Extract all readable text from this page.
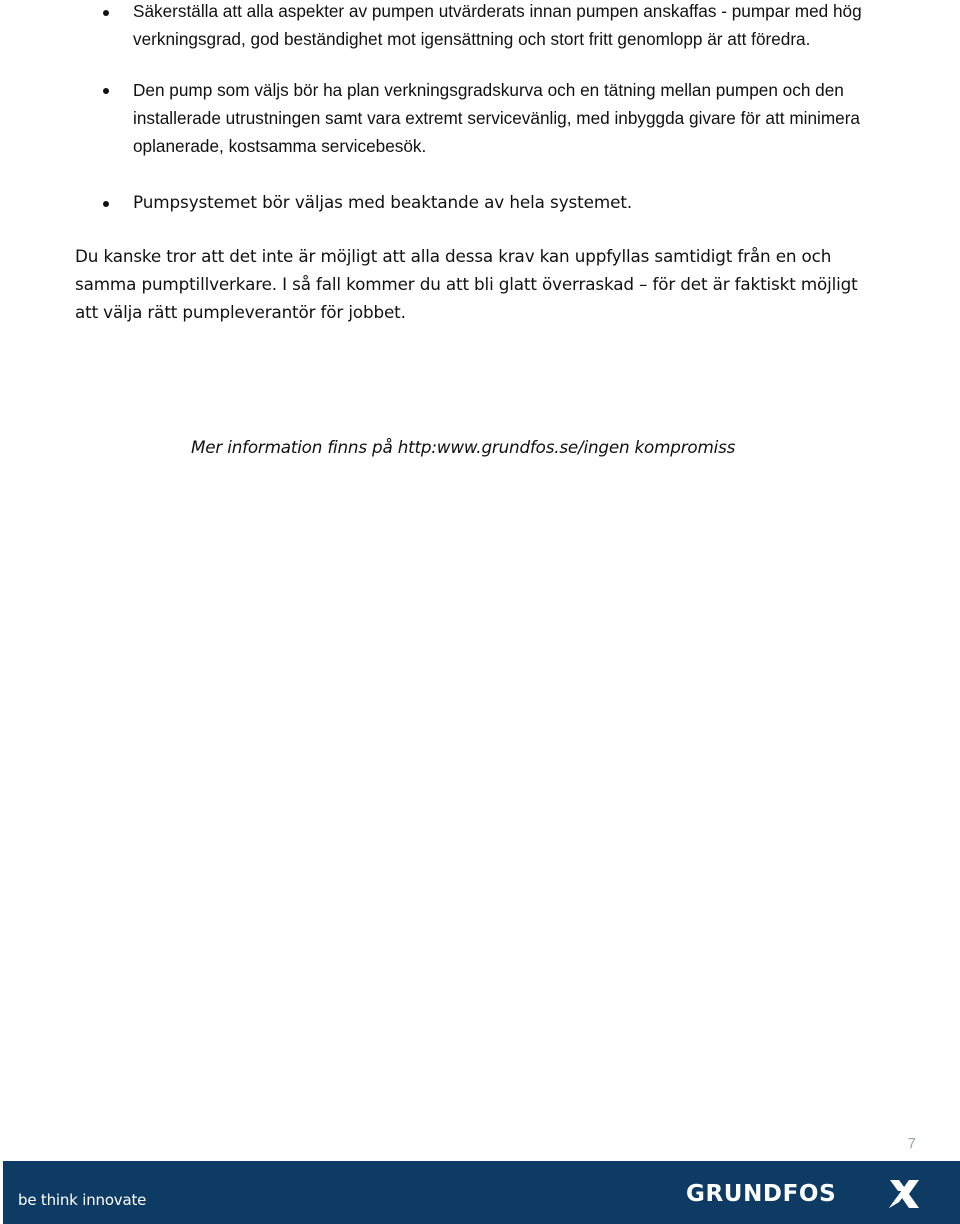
Säkerställa att alla aspekter av pumpen utvärderats innan pumpen anskaffas - pumpar med hög verkningsgrad, god beständighet mot igensättning och stort fritt genomlopp är att föredra.
Den pump som väljs bör ha plan verkningsgradskurva och en tätning mellan pumpen och den installerade utrustningen samt vara extremt servicevänlig, med inbyggda givare för att minimera oplanerade, kostsamma servicebesök.
Pumpsystemet bör väljas med beaktande av hela systemet.

Du kanske tror att det inte är möjligt att alla dessa krav kan uppfyllas samtidigt från en och samma pumptillverkare. I så fall kommer du att bli glatt överraskad – för det är faktiskt möjligt att välja rätt pumpleverantör för jobbet.

Mer information finns på http:www.grundfos.se/ingen kompromiss

7
be think innovate	GRUNDFOS
